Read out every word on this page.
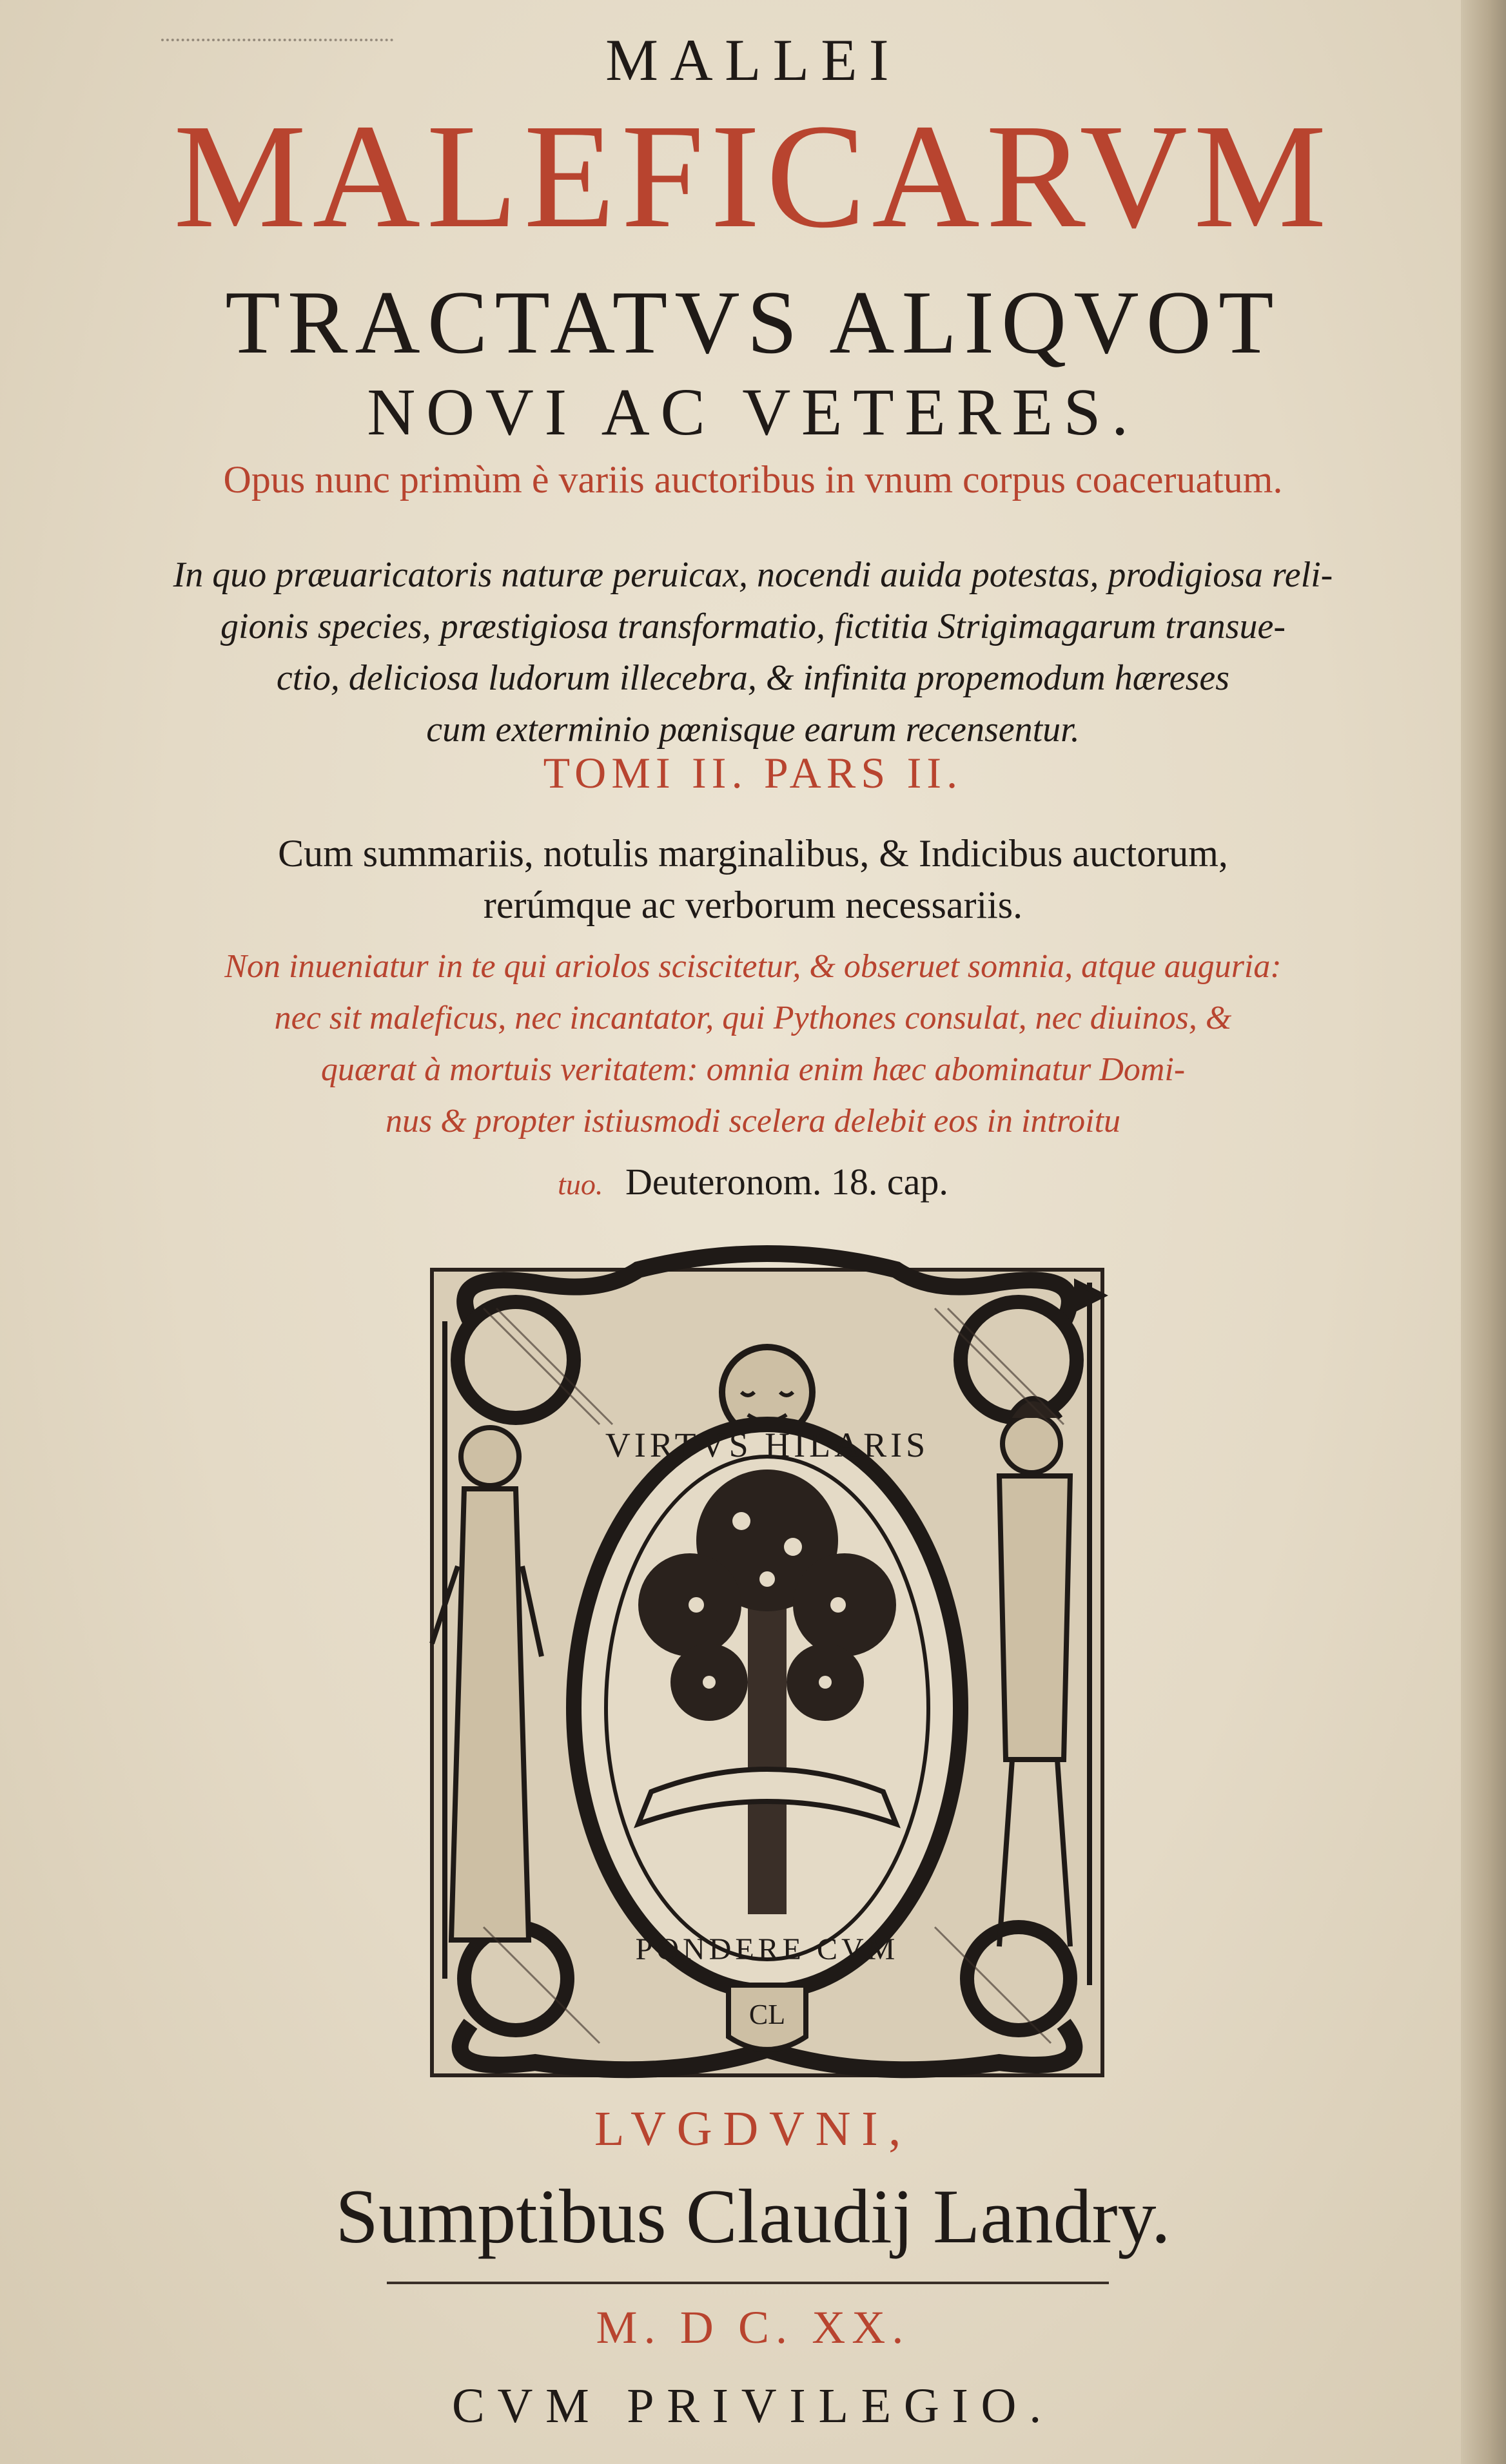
MALLEI
MALEFICARVM
TRACTATVS ALIQVOT
NOVI AC VETERES.
Opus nunc primùm è variis auctoribus in vnum corpus coaceruatum.
In quo præuaricatoris naturæ peruicax, nocendi auida potestas, prodigiosa reli-
gionis species, præstigiosa transformatio, fictitia Strigimagarum transue-
ctio, deliciosa ludorum illecebra, & infinita propemodum hæreses
cum exterminio pœnisque earum recensentur.
TOMI II. PARS II.
Cum summariis, notulis marginalibus, & Indicibus auctorum,
rerúmque ac verborum necessariis.
Non inueniatur in te qui ariolos sciscitetur, & obseruet somnia, atque auguria:
nec sit maleficus, nec incantator, qui Pythones consulat, nec diuinos, &
quærat à mortuis veritatem: omnia enim hæc abominatur Domi-
nus & propter istiusmodi scelera delebit eos in introitu
tuo. Deuteronom. 18. cap.
VIRTVS HILARIS
PONDERE CVM
CL
LVGDVNI,
Sumptibus Claudij Landry.
M. D C. XX.
CVM PRIVILEGIO.
